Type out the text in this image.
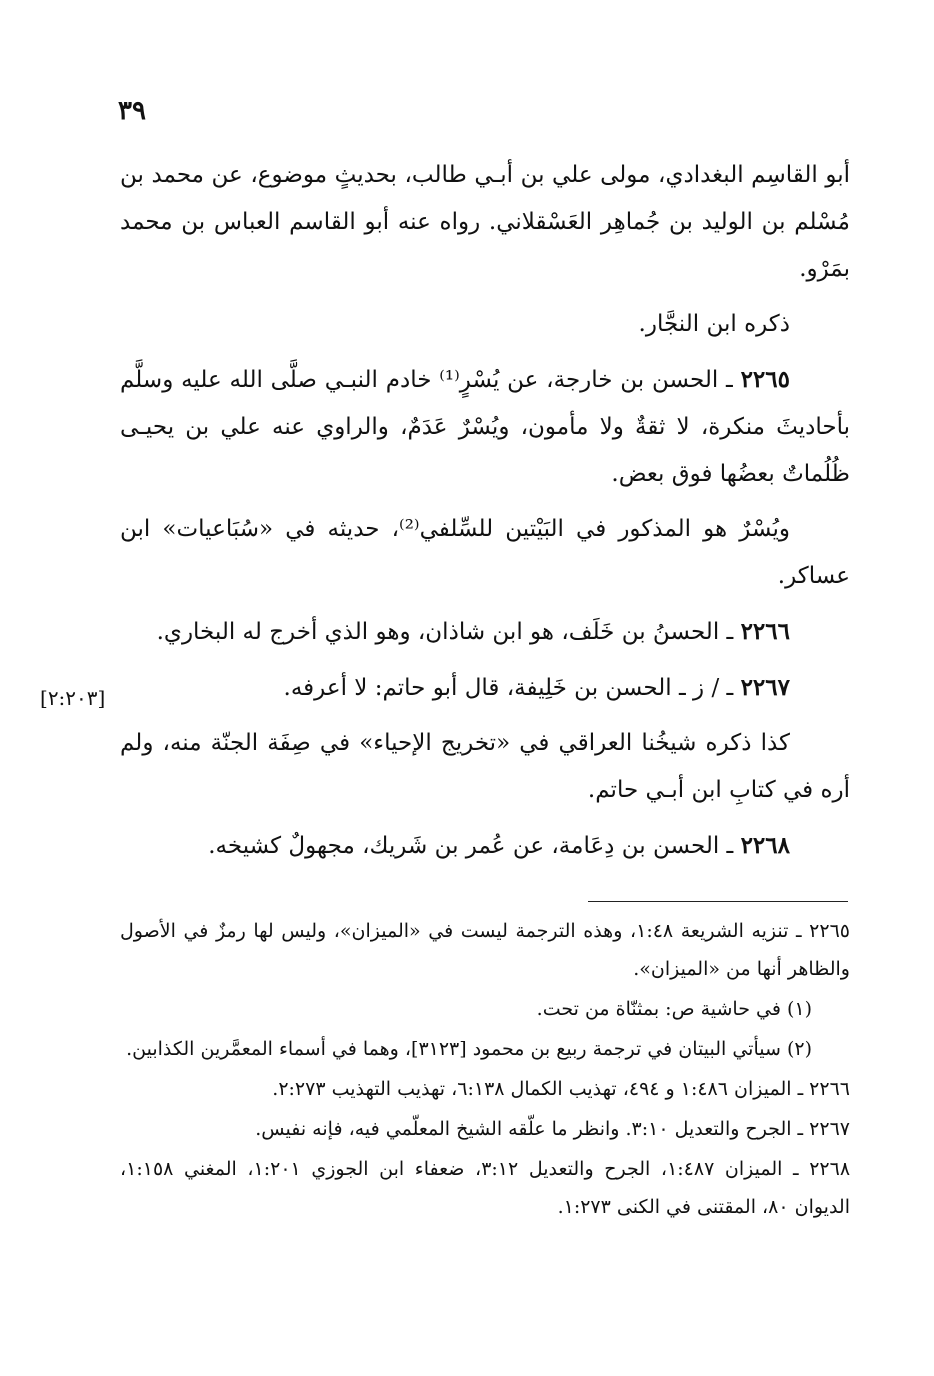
٣٩
[٢:٢٠٣]

أبو القاسِم البغدادي، مولى علي بن أبـي طالب، بحديثٍ موضوع، عن محمد بن مُسْلم بن الوليد بن جُماهِر العَسْقلاني. رواه عنه أبو القاسم العباس بن محمد بمَرْو.

ذكره ابن النجَّار.

٢٢٦٥ ـ الحسن بن خارجة، عن يُسْرٍ⁽¹⁾ خادم النبـي صلَّى الله عليه وسلَّم بأحاديثَ منكرة، لا ثقةٌ ولا مأمون، ويُسْرٌ عَدَمٌ، والراوي عنه علي بن يحيـى ظُلُماتٌ بعضُها فوق بعض.

ويُسْرٌ هو المذكور في البَيْتين للسِّلفي⁽²⁾، حديثه في «سُبَاعيات» ابن عساكر.

٢٢٦٦ ـ الحسنُ بن خَلَف، هو ابن شاذان، وهو الذي أخرج له البخاري.

٢٢٦٧ ـ / ز ـ الحسن بن خَلِيفة، قال أبو حاتم: لا أعرفه.

كذا ذكره شيخُنا العراقي في «تخريج الإحياء» في صِفَة الجنّة منه، ولم أره في كتابِ ابن أبـي حاتم.

٢٢٦٨ ـ الحسن بن دِعَامة، عن عُمر بن شَريك، مجهولٌ كشيخه.

٢٢٦٥ ـ تنزيه الشريعة ١:٤٨، وهذه الترجمة ليست في «الميزان»، وليس لها رمزٌ في الأصول والظاهر أنها من «الميزان».

(١) في حاشية ص: بمثنّاة من تحت.

(٢) سيأتي البيتان في ترجمة ربيع بن محمود [٣١٢٣]، وهما في أسماء المعمَّرين الكذابين.

٢٢٦٦ ـ الميزان ١:٤٨٦ و ٤٩٤، تهذيب الكمال ٦:١٣٨، تهذيب التهذيب ٢:٢٧٣.

٢٢٦٧ ـ الجرح والتعديل ٣:١٠. وانظر ما علّقه الشيخ المعلّمي فيه، فإنه نفيس.

٢٢٦٨ ـ الميزان ١:٤٨٧، الجرح والتعديل ٣:١٢، ضعفاء ابن الجوزي ١:٢٠١، المغني ١:١٥٨، الديوان ٨٠، المقتنى في الكنى ١:٢٧٣.
